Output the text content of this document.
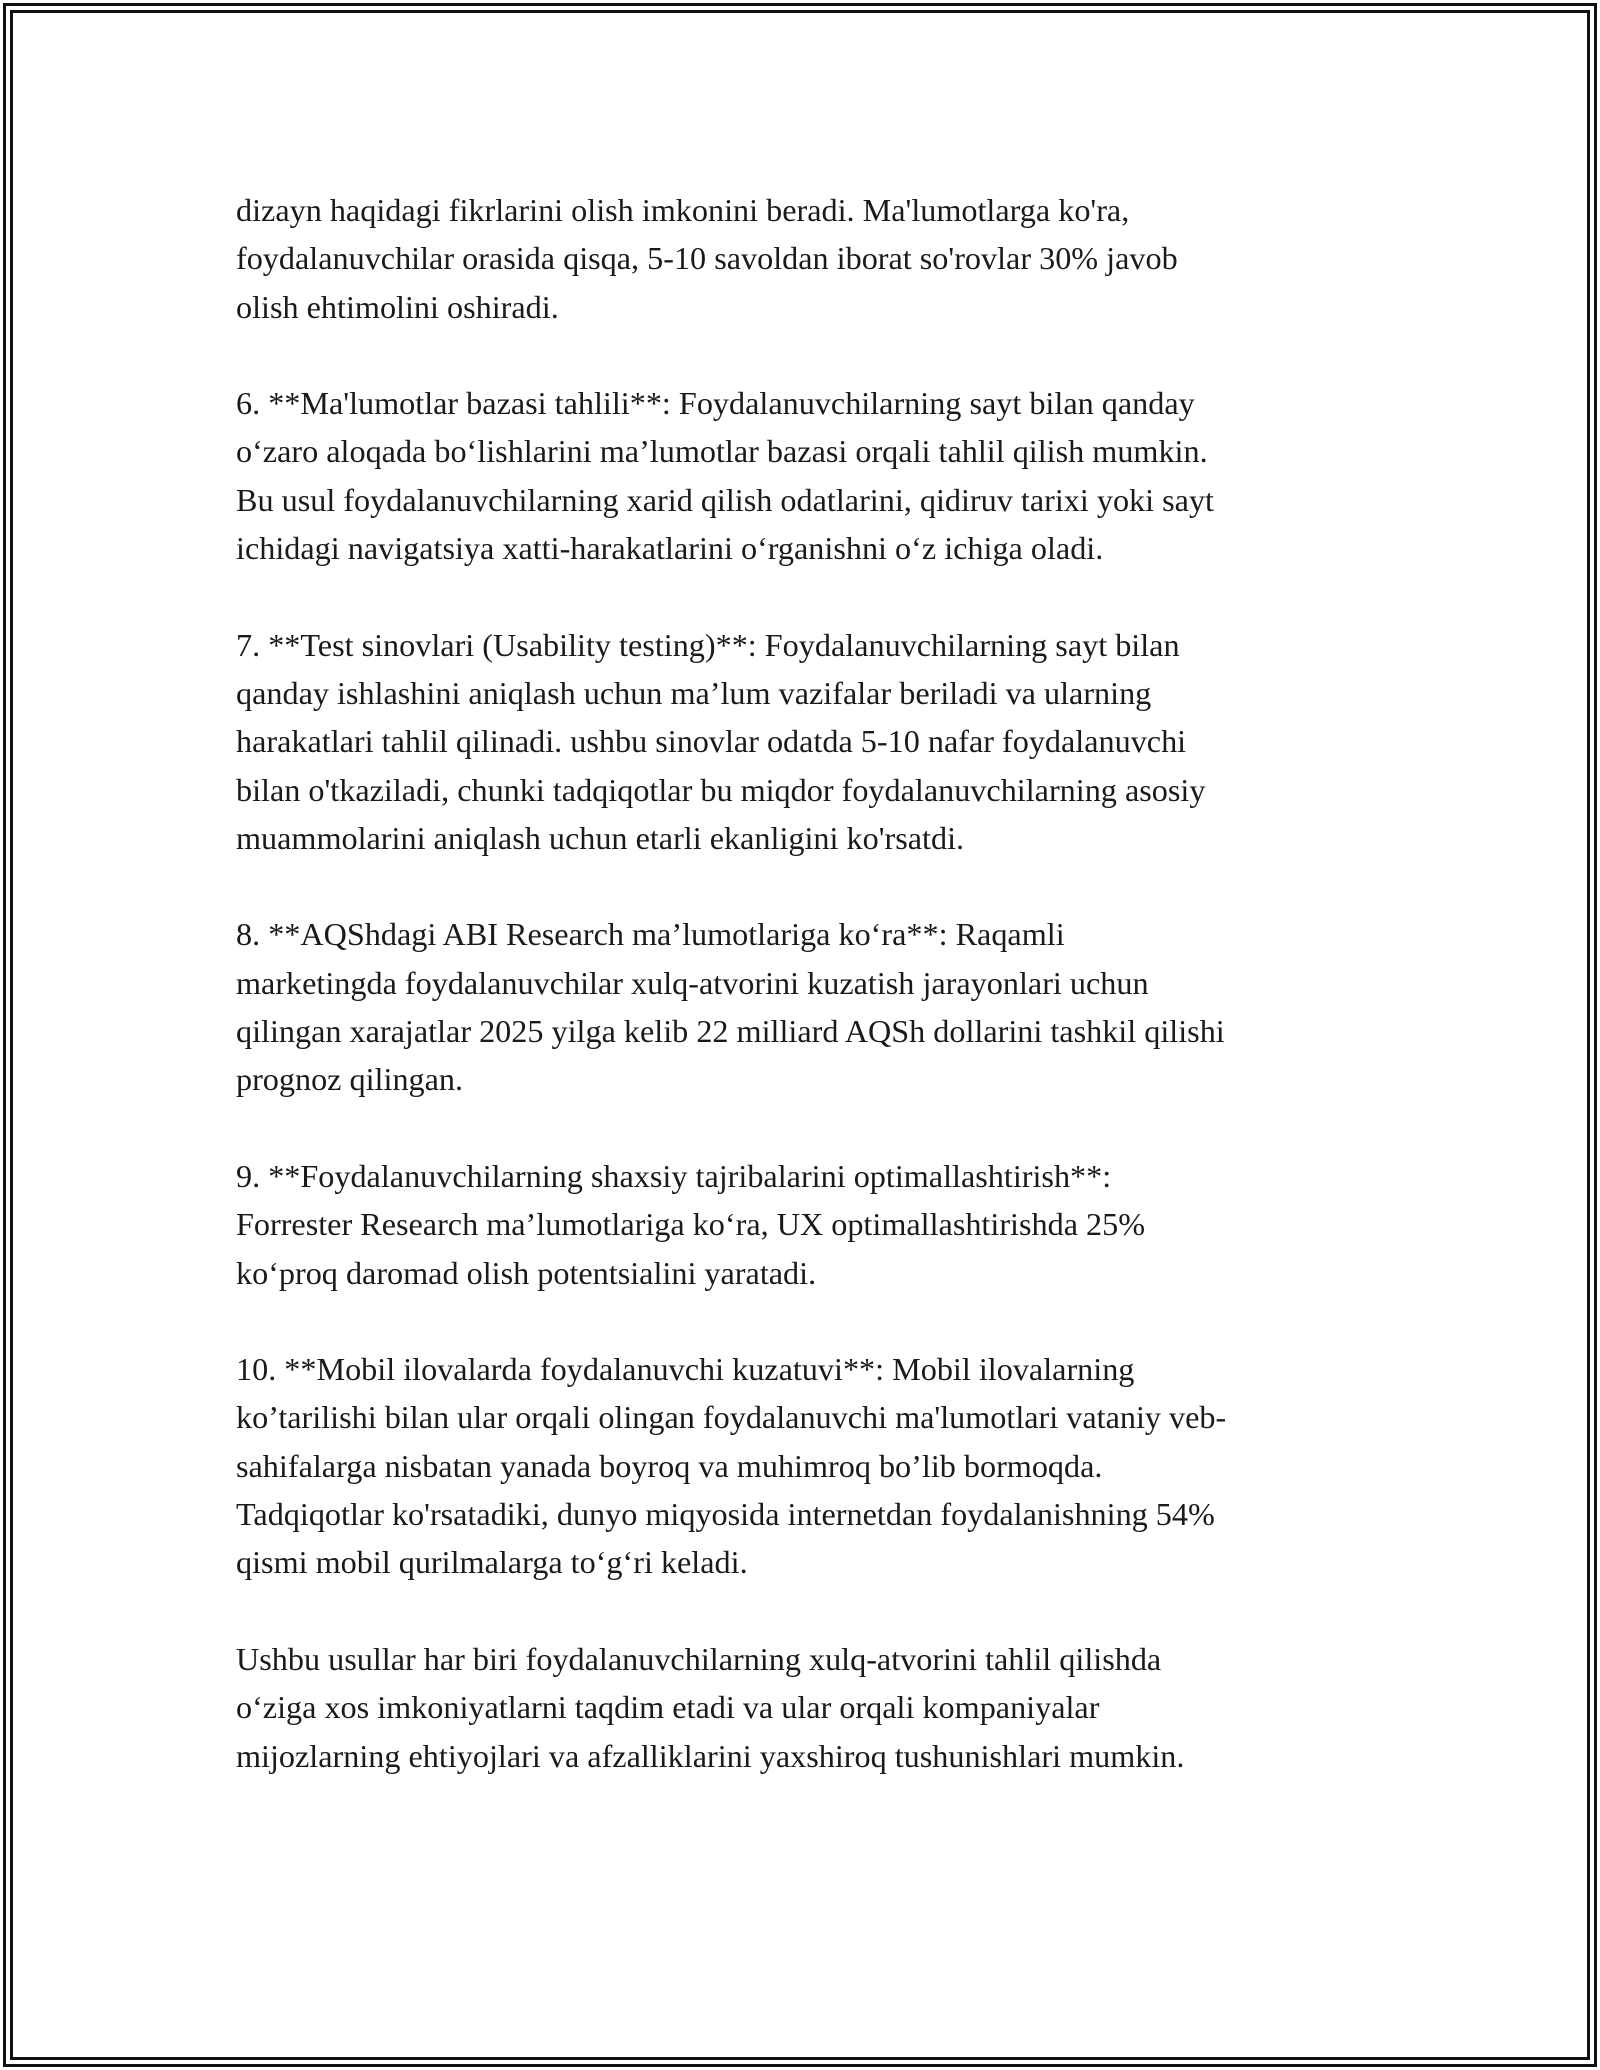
dizayn haqidagi fikrlarini olish imkonini beradi. Ma'lumotlarga ko'ra,
foydalanuvchilar orasida qisqa, 5-10 savoldan iborat so'rovlar 30% javob
olish ehtimolini oshiradi.

6. **Ma'lumotlar bazasi tahlili**: Foydalanuvchilarning sayt bilan qanday
o‘zaro aloqada bo‘lishlarini ma’lumotlar bazasi orqali tahlil qilish mumkin.
Bu usul foydalanuvchilarning xarid qilish odatlarini, qidiruv tarixi yoki sayt
ichidagi navigatsiya xatti-harakatlarini o‘rganishni o‘z ichiga oladi.

7. **Test sinovlari (Usability testing)**: Foydalanuvchilarning sayt bilan
qanday ishlashini aniqlash uchun ma’lum vazifalar beriladi va ularning
harakatlari tahlil qilinadi. ushbu sinovlar odatda 5-10 nafar foydalanuvchi
bilan o'tkaziladi, chunki tadqiqotlar bu miqdor foydalanuvchilarning asosiy
muammolarini aniqlash uchun etarli ekanligini ko'rsatdi.

8. **AQShdagi ABI Research ma’lumotlariga ko‘ra**: Raqamli
marketingda foydalanuvchilar xulq-atvorini kuzatish jarayonlari uchun
qilingan xarajatlar 2025 yilga kelib 22 milliard AQSh dollarini tashkil qilishi
prognoz qilingan.

9. **Foydalanuvchilarning shaxsiy tajribalarini optimallashtirish**:
Forrester Research ma’lumotlariga ko‘ra, UX optimallashtirishda 25%
ko‘proq daromad olish potentsialini yaratadi.

10. **Mobil ilovalarda foydalanuvchi kuzatuvi**: Mobil ilovalarning
ko’tarilishi bilan ular orqali olingan foydalanuvchi ma'lumotlari vataniy veb-
sahifalarga nisbatan yanada boyroq va muhimroq bo’lib bormoqda.
Tadqiqotlar ko'rsatadiki, dunyo miqyosida internetdan foydalanishning 54%
qismi mobil qurilmalarga to‘g‘ri keladi.

Ushbu usullar har biri foydalanuvchilarning xulq-atvorini tahlil qilishda
o‘ziga xos imkoniyatlarni taqdim etadi va ular orqali kompaniyalar
mijozlarning ehtiyojlari va afzalliklarini yaxshiroq tushunishlari mumkin.
